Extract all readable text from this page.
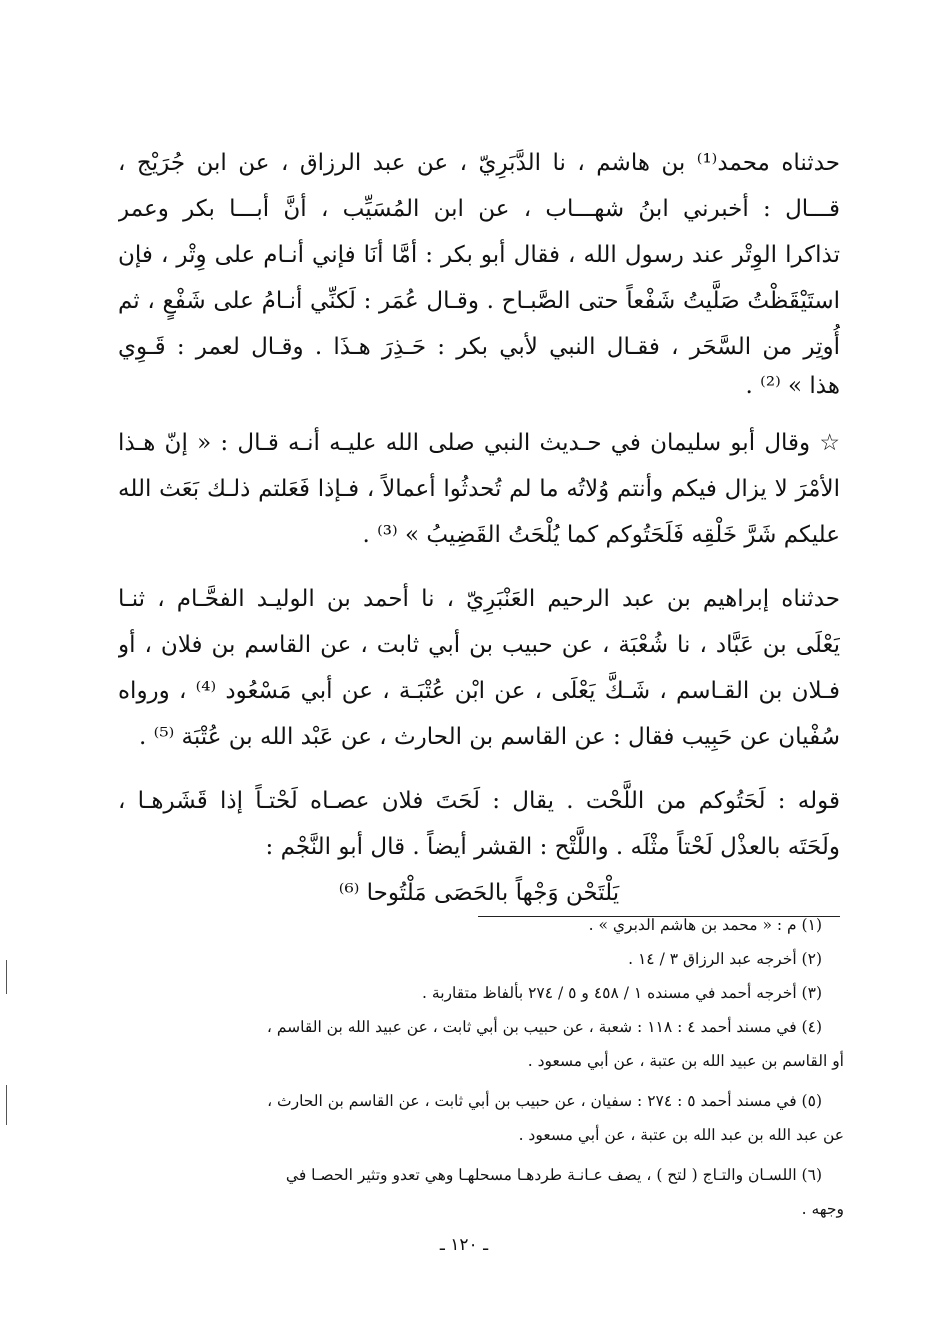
حدثناه محمد⁽¹⁾ بن هاشم ، نا الدَّبَرِيّ ، عن عبد الرزاق ، عن ابن جُرَيْج ،
قـــال : أخبرني ابنُ شهـــاب ، عن ابن المُسَيِّب ، أنَّ أبـــا بكر وعمر
تذاكرا الوِتْر عند رسول الله ، فقال أبو بكر : أمَّا أنَا فإني أنـام على وِتْر ، فإن
استَيْقَظْتُ صَلَّيتُ شَفْعاً حتى الصَّبـاح . وقـال عُمَر : لَكنِّي أنـامُ على شَفْعٍ ، ثم
أُوتِر من السَّحَر ، فقـال النبي لأبي بكر : حَـذِرَ هـذَا . وقـال لعمر : قَـوِي
هذا » ⁽²⁾ .
☆ وقال أبو سليمان في حـديث النبي صلى الله عليـه أنـه قـال : « إنّ هـذا
الأمْرَ لا يزال فيكم وأنتم وُلاتُه ما لم تُحدثُوا أعمالاً ، فـإذا فَعَلتم ذلـك بَعَث الله
عليكم شَرَّ خَلْقِه فَلَحَتُوكم كما يُلْحَتُ القَضِيبُ » ⁽³⁾ .
حدثناه إبراهيم بن عبد الرحيم العَنْبَرِيّ ، نا أحمد بن الوليـد الفحَّـام ، ثنـا
يَعْلَى بن عَبَّاد ، نا شُعْبَة ، عن حبيب بن أبي ثابت ، عن القاسم بن فلان ، أو
فـلان بن القـاسم ، شَـكَّ يَعْلَى ، عن ابْن عُتْبَـة ، عن أبي مَسْعُود ⁽⁴⁾ ، ورواه
سُفْيان عن حَبِيب فقال : عن القاسم بن الحارث ، عن عَبْد الله بن عُتْبَة ⁽⁵⁾ .
قوله : لَحَتُوكم من اللَّحْت . يقال : لَحَتَ فلان عصـاه لَحْتـاً إذا قَشَرهـا ،
ولَحَتَه بالعذْل لَحْتاً مثْلَه . واللَّتْح : القشر أيضاً . قال أبو النَّجْم :
يَلْتَحْن وَجْهاً بالحَصَى مَلْتُوحا ⁽⁶⁾
(١) م : « محمد بن هاشم الدبري » .
(٢) أخرجه عبد الرزاق ٣ / ١٤ .
(٣) أخرجه أحمد في مسنده ١ / ٤٥٨ و ٥ / ٢٧٤ بألفاظ متقاربة .
(٤) في مسند أحمد ٤ : ١١٨ : شعبة ، عن حبيب بن أبي ثابت ، عن عبيد الله بن القاسم ،
أو القاسم بن عبيد الله بن عتبة ، عن أبي مسعود .
(٥) في مسند أحمد ٥ : ٢٧٤ : سفيان ، عن حبيب بن أبي ثابت ، عن القاسم بن الحارث ،
عن عبد الله بن عبد الله بن عتبة ، عن أبي مسعود .
(٦) اللسـان والتـاج ( لتح ) ، يصف عـانـة طردهـا مسحلهـا وهي تعدو وتثير الحصـا في
وجهه .
ـ ١٢٠ ـ
